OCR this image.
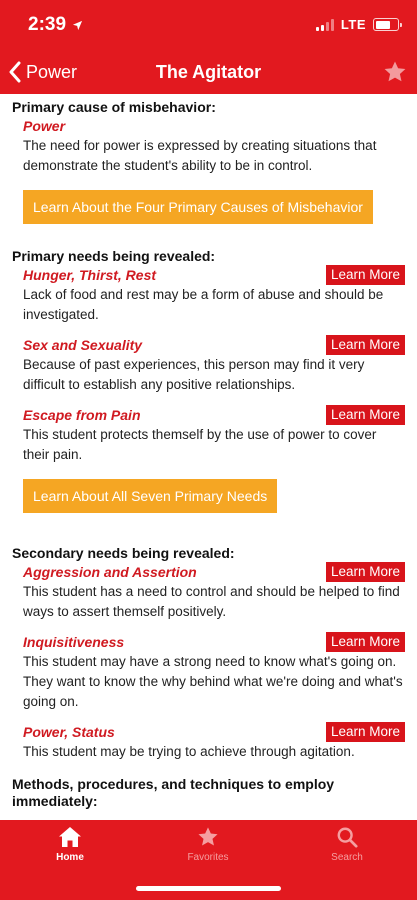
2:39	LTE
Power	The Agitator
Primary cause of misbehavior:
Power
The need for power is expressed by creating situations that demonstrate the student's ability to be in control.
Learn About the Four Primary Causes of Misbehavior
Primary needs being revealed:
Hunger, Thirst, Rest	Learn More
Lack of food and rest may be a form of abuse and should be investigated.
Sex and Sexuality	Learn More
Because of past experiences, this person may find it very difficult to establish any positive relationships.
Escape from Pain	Learn More
This student protects themself by the use of power to cover their pain.
Learn About All Seven Primary Needs
Secondary needs being revealed:
Aggression and Assertion	Learn More
This student has a need to control and should be helped to find ways to assert themself positively.
Inquisitiveness	Learn More
This student may have a strong need to know what's going on. They want to know the why behind what we're doing and what's going on.
Power, Status	Learn More
This student may be trying to achieve through agitation.
Methods, procedures, and techniques to employ immediately:
Home	Favorites	Search
